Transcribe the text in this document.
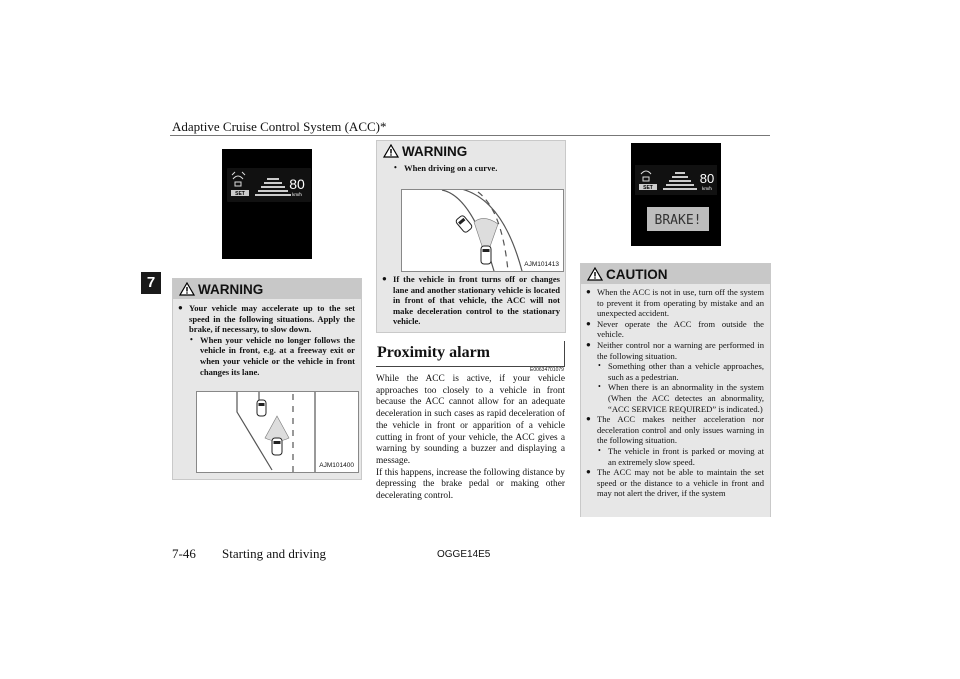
Adaptive Cruise Control System (ACC)*
7
7-46 Starting and driving	OGGE14E5
SET
80
km/h
SET
80
km/h
BRAKE!
WARNING
● Your vehicle may accelerate up to the set speed in the following situations. Apply the brake, if necessary, to slow down.
• When your vehicle no longer follows the vehicle in front, e.g. at a freeway exit or when your vehicle or the vehicle in front changes its lane.
AJM101400
WARNING
• When driving on a curve.
AJM101413
● If the vehicle in front turns off or changes lane and another stationary vehicle is located in front of that vehicle, the ACC will not make deceleration control to the stationary vehicle.
Proximity alarm
E00634701079

While the ACC is active, if your vehicle approaches too closely to a vehicle in front because the ACC cannot allow for an adequate deceleration in such cases as rapid deceleration of the vehicle in front or apparition of a vehicle cutting in front of your vehicle, the ACC gives a warning by sounding a buzzer and displaying a message.

If this happens, increase the following distance by depressing the brake pedal or making other decelerating control.

CAUTION
● When the ACC is not in use, turn off the system to prevent it from operating by mistake and an unexpected accident.
● Never operate the ACC from outside the vehicle.
● Neither control nor a warning are performed in the following situation.
• Something other than a vehicle approaches, such as a pedestrian.
• When there is an abnormality in the system (When the ACC detectes an abnormality, “ACC SERVICE REQUIRED” is indicated.)
● The ACC makes neither acceleration nor deceleration control and only issues warning in the following situation.
• The vehicle in front is parked or moving at an extremely slow speed.
● The ACC may not be able to maintain the set speed or the distance to a vehicle in front and may not alert the driver, if the system
